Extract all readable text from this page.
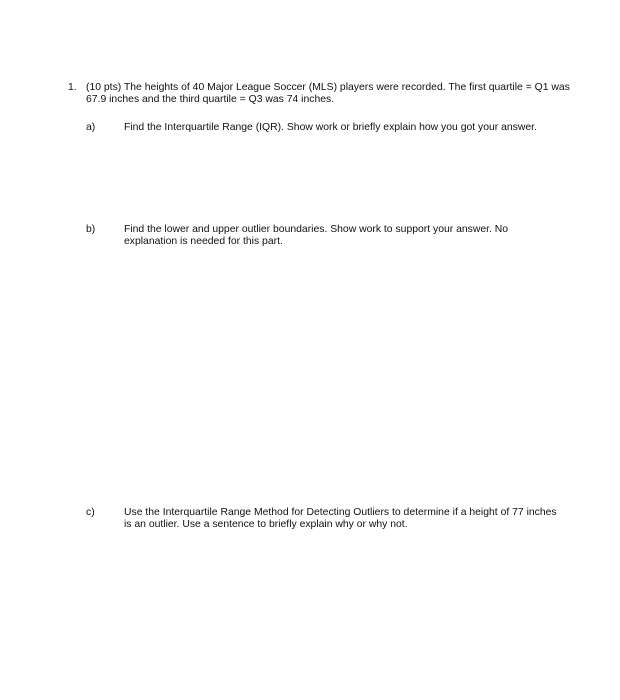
1. (10 pts) The heights of 40 Major League Soccer (MLS) players were recorded. The first quartile = Q1 was 67.9 inches and the third quartile = Q3 was 74 inches.
a)	Find the Interquartile Range (IQR). Show work or briefly explain how you got your answer.
b)	Find the lower and upper outlier boundaries. Show work to support your answer. No explanation is needed for this part.
c)	Use the Interquartile Range Method for Detecting Outliers to determine if a height of 77 inches is an outlier. Use a sentence to briefly explain why or why not.
